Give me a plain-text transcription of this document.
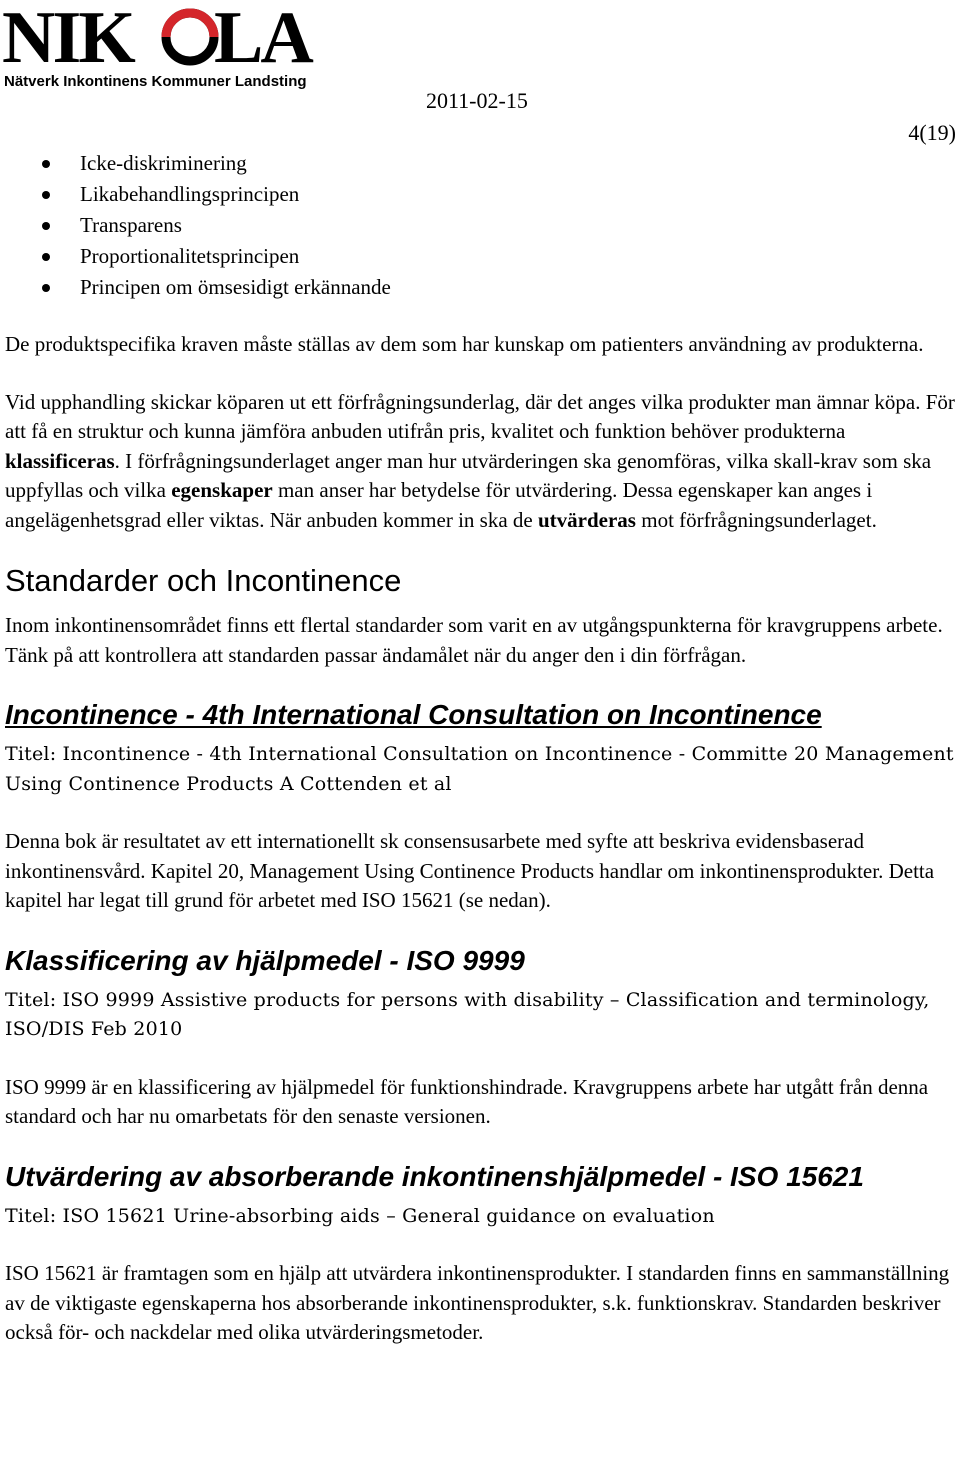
NIK LA
Nätverk Inkontinens Kommuner Landsting
2011-02-15
4(19)
Icke-diskriminering
Likabehandlingsprincipen
Transparens
Proportionalitetsprincipen
Principen om ömsesidigt erkännande

De produktspecifika kraven måste ställas av dem som har kunskap om patienters användning av produkterna.

Vid upphandling skickar köparen ut ett förfrågningsunderlag, där det anges vilka produkter man ämnar köpa. För att få en struktur och kunna jämföra anbuden utifrån pris, kvalitet och funktion behöver produkterna klassificeras. I förfrågningsunderlaget anger man hur utvärderingen ska genomföras, vilka skall-krav som ska uppfyllas och vilka egenskaper man anser har betydelse för utvärdering. Dessa egenskaper kan anges i angelägenhetsgrad eller viktas. När anbuden kommer in ska de utvärderas mot förfrågningsunderlaget.

Standarder och Incontinence

Inom inkontinensområdet finns ett flertal standarder som varit en av utgångspunkterna för kravgruppens arbete. Tänk på att kontrollera att standarden passar ändamålet när du anger den i din förfrågan.

Incontinence - 4th International Consultation on Incontinence

Titel: Incontinence - 4th International Consultation on Incontinence - Committe 20 Management Using Continence Products A Cottenden et al

Denna bok är resultatet av ett internationellt sk consensusarbete med syfte att beskriva evidensbaserad inkontinensvård. Kapitel 20, Management Using Continence Products handlar om inkontinensprodukter. Detta kapitel har legat till grund för arbetet med ISO 15621 (se nedan).

Klassificering av hjälpmedel - ISO 9999

Titel: ISO 9999 Assistive products for persons with disability – Classification and terminology, ISO/DIS Feb 2010

ISO 9999 är en klassificering av hjälpmedel för funktionshindrade. Kravgruppens arbete har utgått från denna standard och har nu omarbetats för den senaste versionen.

Utvärdering av absorberande inkontinenshjälpmedel - ISO 15621

Titel: ISO 15621 Urine-absorbing aids – General guidance on evaluation

ISO 15621 är framtagen som en hjälp att utvärdera inkontinensprodukter. I standarden finns en sammanställning av de viktigaste egenskaperna hos absorberande inkontinensprodukter, s.k. funktionskrav. Standarden beskriver också för- och nackdelar med olika utvärderingsmetoder.
